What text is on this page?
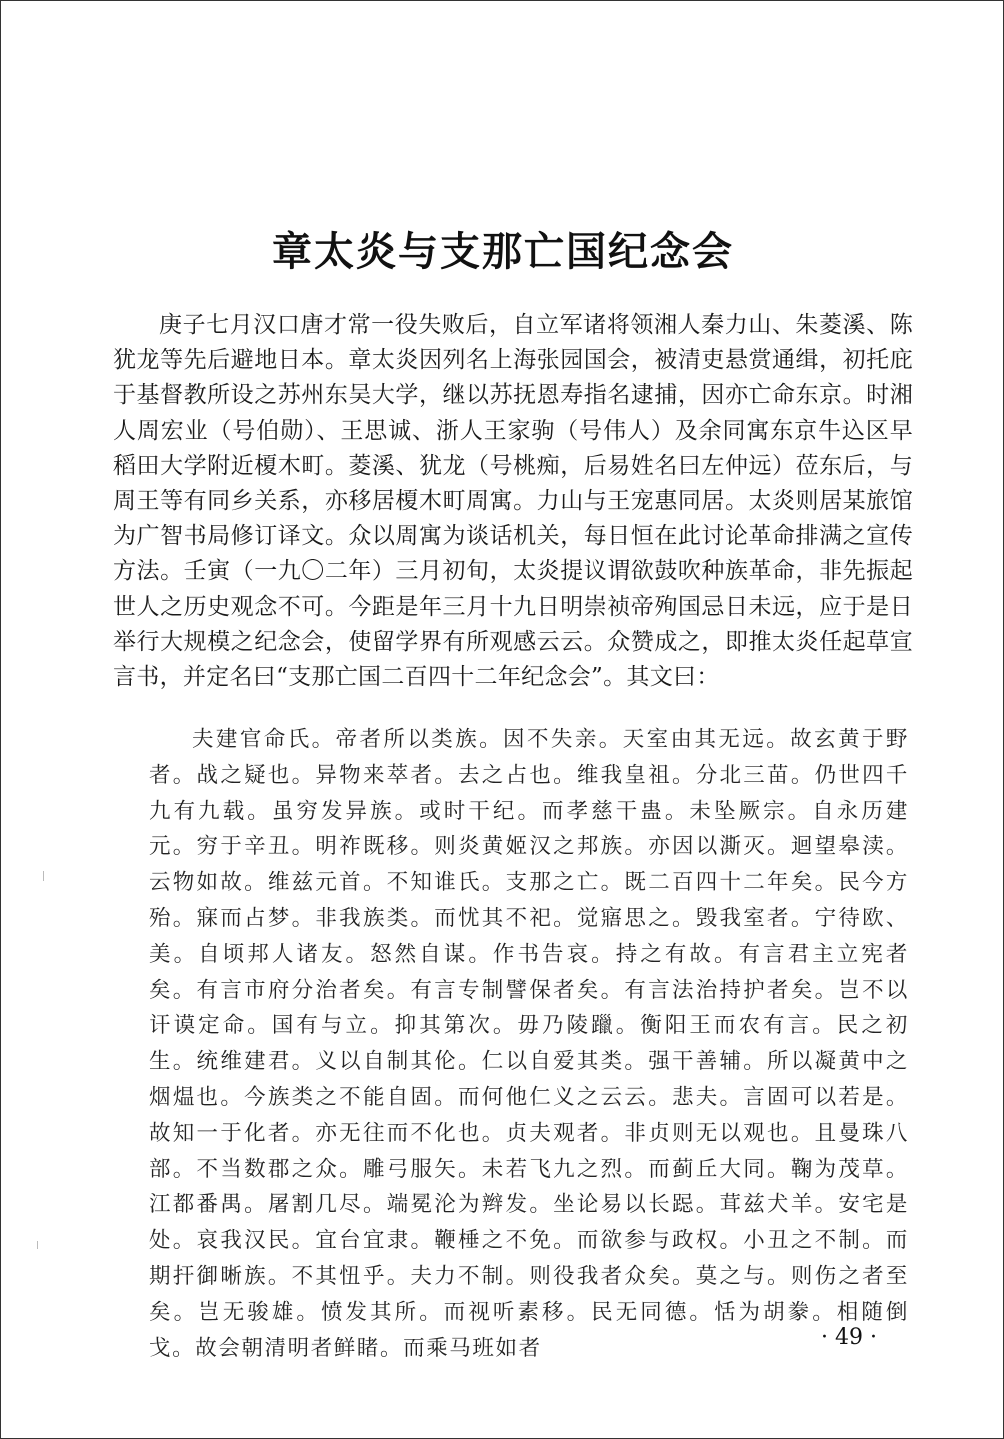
章太炎与支那亡国纪念会

庚子七月汉口唐才常一役失败后，自立军诸将领湘人秦力山、朱菱溪、陈犹龙等先后避地日本。章太炎因列名上海张园国会，被清吏悬赏通缉，初托庇于基督教所设之苏州东吴大学，继以苏抚恩寿指名逮捕，因亦亡命东京。时湘人周宏业（号伯勋）、王思诚、浙人王家驹（号伟人）及余同寓东京牛込区早稻田大学附近榎木町。菱溪、犹龙（号桃痴，后易姓名曰左仲远）莅东后，与周王等有同乡关系，亦移居榎木町周寓。力山与王宠惠同居。太炎则居某旅馆为广智书局修订译文。众以周寓为谈话机关，每日恒在此讨论革命排满之宣传方法。壬寅（一九〇二年）三月初旬，太炎提议谓欲鼓吹种族革命，非先振起世人之历史观念不可。今距是年三月十九日明崇祯帝殉国忌日未远，应于是日举行大规模之纪念会，使留学界有所观感云云。众赞成之，即推太炎任起草宣言书，并定名曰“支那亡国二百四十二年纪念会”。其文曰：

夫建官命氏。帝者所以类族。因不失亲。天室由其无远。故玄黄于野者。战之疑也。异物来萃者。去之占也。维我皇祖。分北三苗。仍世四千九有九载。虽穷发异族。或时干纪。而孝慈干蛊。未坠厥宗。自永历建元。穷于辛丑。明祚既移。则炎黄姬汉之邦族。亦因以澌灭。迴望皋渎。云物如故。维兹元首。不知谁氏。支那之亡。既二百四十二年矣。民今方殆。寐而占梦。非我族类。而忧其不祀。觉寤思之。毁我室者。宁待欧、美。自顷邦人诸友。怒然自谋。作书告哀。持之有故。有言君主立宪者矣。有言市府分治者矣。有言专制譬保者矣。有言法治持护者矣。岂不以讦谟定命。国有与立。抑其第次。毋乃陵躐。衡阳王而农有言。民之初生。统维建君。义以自制其伦。仁以自爱其类。强干善辅。所以凝黄中之烟煴也。今族类之不能自固。而何他仁义之云云。悲夫。言固可以若是。故知一于化者。亦无往而不化也。贞夫观者。非贞则无以观也。且曼珠八部。不当数郡之众。雕弓服矢。未若飞九之烈。而蓟丘大同。鞠为茂草。江都番禺。屠割几尽。端冕沦为辫发。坐论易以长跽。茸兹犬羊。安宅是处。哀我汉民。宜台宜隶。鞭棰之不免。而欲参与政权。小丑之不制。而期扞御晰族。不其忸乎。夫力不制。则役我者众矣。莫之与。则伤之者至矣。岂无骏雄。愤发其所。而视听素移。民无同德。恬为胡豢。相随倒戈。故会朝清明者鲜睹。而乘马班如者	· 49 ·
